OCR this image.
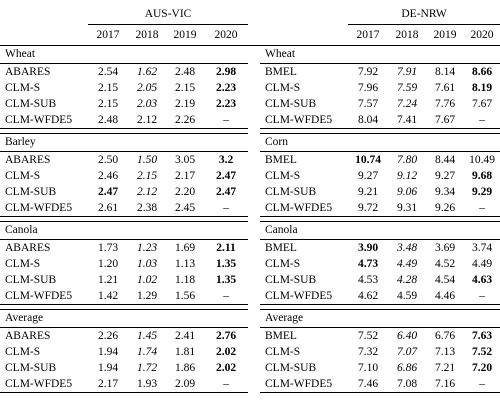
	AUS-VIC						DE-NRW			
	2017	2018	2019	2020			2017	2018	2019	2020
Wheat						Wheat				
ABARES	2.54	1.62	2.48	2.98		BMEL	7.92	7.91	8.14	8.66
CLM-S	2.15	2.05	2.15	2.23		CLM-S	7.96	7.59	7.61	8.19
CLM-SUB	2.15	2.03	2.19	2.23		CLM-SUB	7.57	7.24	7.76	7.67
CLM-WFDE5	2.48	2.12	2.26	–		CLM-WFDE5	8.04	7.41	7.67	–

Barley						Corn				
ABARES	2.50	1.50	3.05	3.2		BMEL	10.74	7.80	8.44	10.49
CLM-S	2.46	2.15	2.17	2.47		CLM-S	9.27	9.12	9.27	9.68
CLM-SUB	2.47	2.12	2.20	2.47		CLM-SUB	9.21	9.06	9.34	9.29
CLM-WFDE5	2.61	2.38	2.45	–		CLM-WFDE5	9.72	9.31	9.26	–

Canola						Canola				
ABARES	1.73	1.23	1.69	2.11		BMEL	3.90	3.48	3.69	3.74
CLM-S	1.20	1.03	1.13	1.35		CLM-S	4.73	4.49	4.52	4.49
CLM-SUB	1.21	1.02	1.18	1.35		CLM-SUB	4.53	4.28	4.54	4.63
CLM-WFDE5	1.42	1.29	1.56	–		CLM-WFDE5	4.62	4.59	4.46	–

Average						Average				
ABARES	2.26	1.45	2.41	2.76		BMEL	7.52	6.40	6.76	7.63
CLM-S	1.94	1.74	1.81	2.02		CLM-S	7.32	7.07	7.13	7.52
CLM-SUB	1.94	1.72	1.86	2.02		CLM-SUB	7.10	6.86	7.21	7.20
CLM-WFDE5	2.17	1.93	2.09	–		CLM-WFDE5	7.46	7.08	7.16	–
